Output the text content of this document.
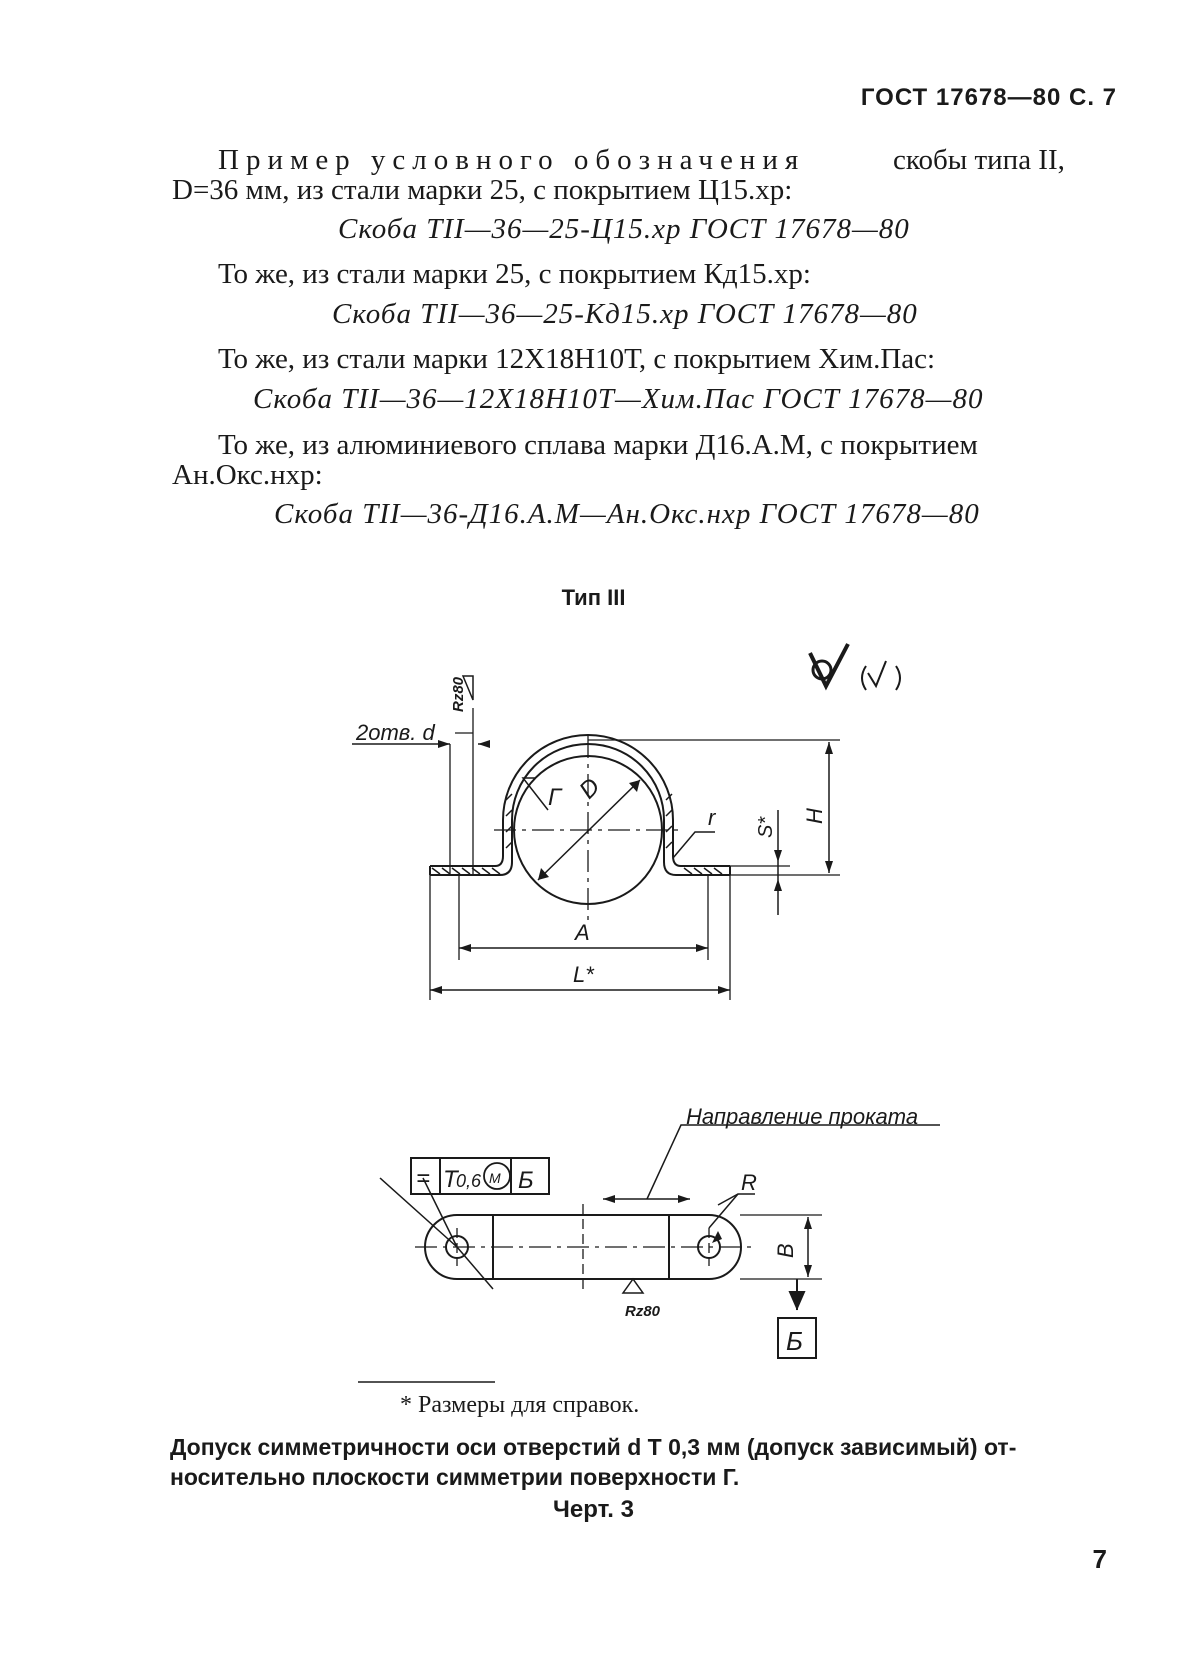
ГОСТ 17678—80 С. 7
Пример условного обозначения	скобы типа II,
D=36 мм, из стали марки 25, с покрытием Ц15.хр:
Скоба ТII—36—25-Ц15.хр ГОСТ 17678—80
То же, из стали марки 25, с покрытием Кд15.хр:
Скоба ТII—36—25-Кд15.хр ГОСТ 17678—80
То же, из стали марки 12Х18Н10Т, с покрытием Хим.Пас:
Скоба ТII—36—12Х18Н10Т—Хим.Пас ГОСТ 17678—80
То же, из алюминиевого сплава марки Д16.А.М, с покрытием
Ан.Окс.нхр:
Скоба ТII—36-Д16.А.М—Ан.Окс.нхр ГОСТ 17678—80
Тип III
Rz80
2отв. d
Г D
r S*
H
A
L*
Направление проката
= T
0,6 M Б	R
B
Rz80
Б
* Размеры для справок.
Допуск симметричности оси отверстий d Т 0,3 мм (допуск зависимый) от-
носительно плоскости симметрии поверхности Г.
Черт. 3
7
